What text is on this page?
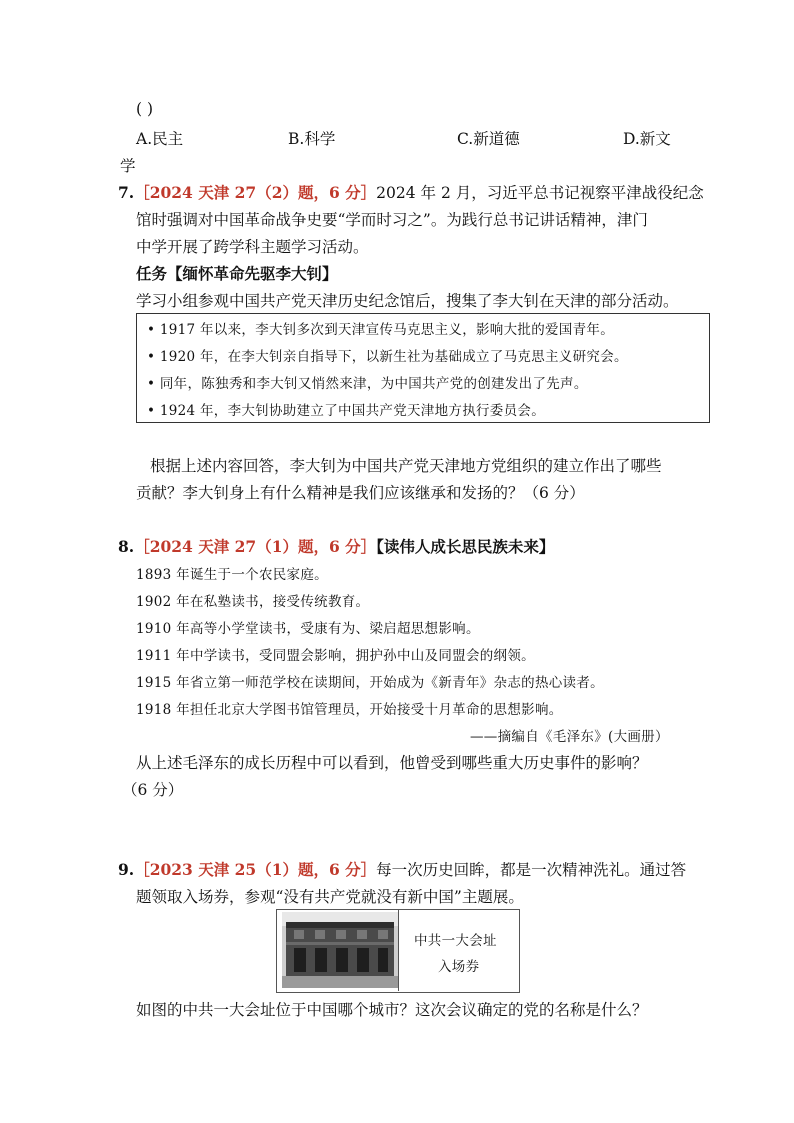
( )
A.民主	B.科学	C.新道德	D.新文
学
7.［2024 天津 27（2）题，6 分］2024 年 2 月，习近平总书记视察平津战役纪念
馆时强调对中国革命战争史要“学而时习之”。为践行总书记讲话精神，津门
中学开展了跨学科主题学习活动。
任务【缅怀革命先驱李大钊】
学习小组参观中国共产党天津历史纪念馆后，搜集了李大钊在天津的部分活动。
• 1917 年以来，李大钊多次到天津宣传马克思主义，影响大批的爱国青年。
• 1920 年，在李大钊亲自指导下，以新生社为基础成立了马克思主义研究会。
• 同年，陈独秀和李大钊又悄然来津，为中国共产党的创建发出了先声。
• 1924 年，李大钊协助建立了中国共产党天津地方执行委员会。
根据上述内容回答，李大钊为中国共产党天津地方党组织的建立作出了哪些
贡献？李大钊身上有什么精神是我们应该继承和发扬的？（6 分）
8.［2024 天津 27（1）题，6 分］【读伟人成长思民族未来】
1893 年诞生于一个农民家庭。
1902 年在私塾读书，接受传统教育。
1910 年高等小学堂读书，受康有为、梁启超思想影响。
1911 年中学读书，受同盟会影响，拥护孙中山及同盟会的纲领。
1915 年省立第一师范学校在读期间，开始成为《新青年》杂志的热心读者。
1918 年担任北京大学图书馆管理员，开始接受十月革命的思想影响。
——摘编自《毛泽东》(大画册）
从上述毛泽东的成长历程中可以看到，他曾受到哪些重大历史事件的影响？
（6 分）
9.［2023 天津 25（1）题，6 分］每一次历史回眸，都是一次精神洗礼。通过答
题领取入场券，参观“没有共产党就没有新中国”主题展。
中共一大会址
入场券
如图的中共一大会址位于中国哪个城市？这次会议确定的党的名称是什么？
